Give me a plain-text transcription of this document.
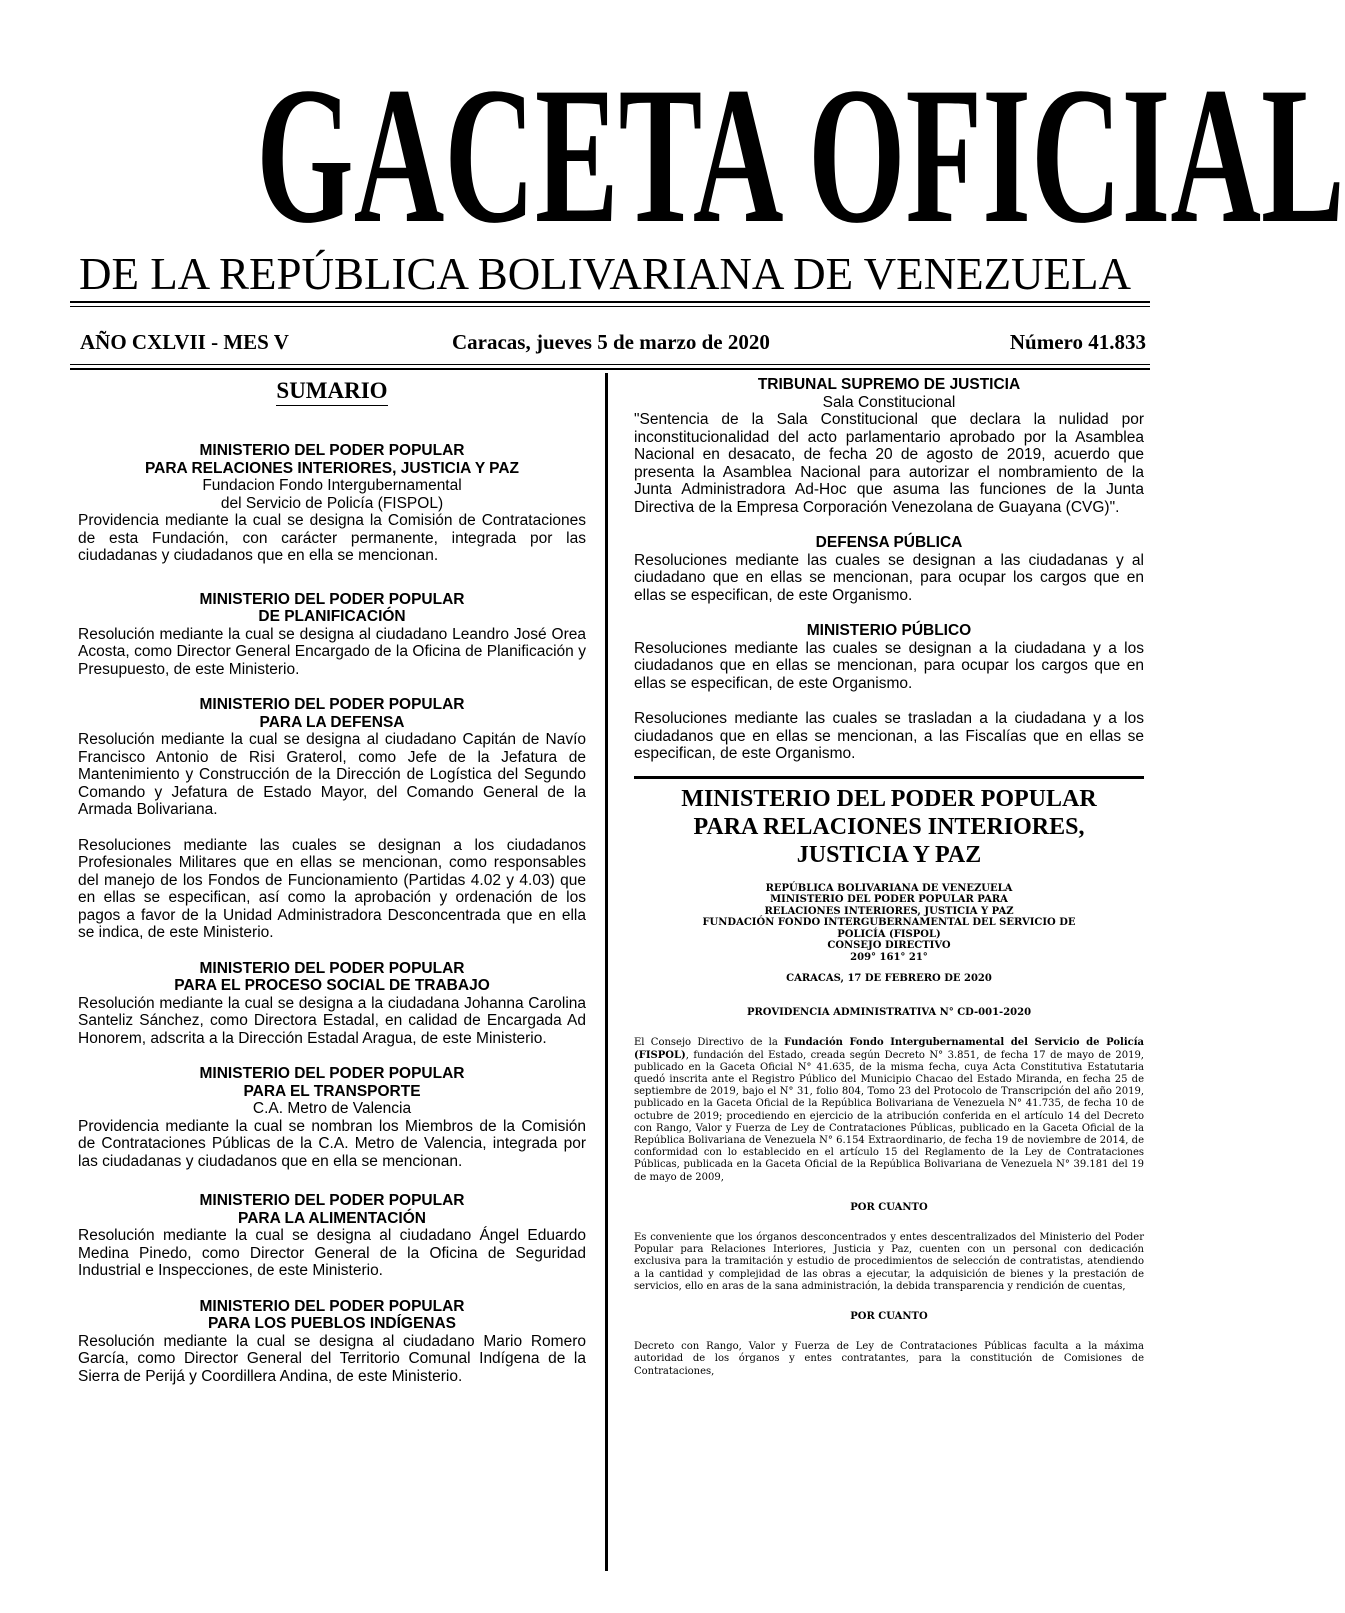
GACETA OFICIAL
DE LA REPÚBLICA BOLIVARIANA DE VENEZUELA
AÑO CXLVII - MES V	Caracas, jueves 5 de marzo de 2020	Número 41.833
SUMARIO
MINISTERIO DEL PODER POPULAR
PARA RELACIONES INTERIORES, JUSTICIA Y PAZ
Fundacion Fondo Intergubernamental
del Servicio de Policía (FISPOL)
Providencia mediante la cual se designa la Comisión de Contrataciones de esta Fundación, con carácter permanente, integrada por las ciudadanas y ciudadanos que en ella se mencionan.
MINISTERIO DEL PODER POPULAR
DE PLANIFICACIÓN
Resolución mediante la cual se designa al ciudadano Leandro José Orea Acosta, como Director General Encargado de la Oficina de Planificación y Presupuesto, de este Ministerio.
MINISTERIO DEL PODER POPULAR
PARA LA DEFENSA
Resolución mediante la cual se designa al ciudadano Capitán de Navío Francisco Antonio de Risi Graterol, como Jefe de la Jefatura de Mantenimiento y Construcción de la Dirección de Logística del Segundo Comando y Jefatura de Estado Mayor, del Comando General de la Armada Bolivariana.
Resoluciones mediante las cuales se designan a los ciudadanos Profesionales Militares que en ellas se mencionan, como responsables del manejo de los Fondos de Funcionamiento (Partidas 4.02 y 4.03) que en ellas se especifican, así como la aprobación y ordenación de los pagos a favor de la Unidad Administradora Desconcentrada que en ella se indica, de este Ministerio.
MINISTERIO DEL PODER POPULAR
PARA EL PROCESO SOCIAL DE TRABAJO
Resolución mediante la cual se designa a la ciudadana Johanna Carolina Santeliz Sánchez, como Directora Estadal, en calidad de Encargada Ad Honorem, adscrita a la Dirección Estadal Aragua, de este Ministerio.
MINISTERIO DEL PODER POPULAR
PARA EL TRANSPORTE
C.A. Metro de Valencia
Providencia mediante la cual se nombran los Miembros de la Comisión de Contrataciones Públicas de la C.A. Metro de Valencia, integrada por las ciudadanas y ciudadanos que en ella se mencionan.
MINISTERIO DEL PODER POPULAR
PARA LA ALIMENTACIÓN
Resolución mediante la cual se designa al ciudadano Ángel Eduardo Medina Pinedo, como Director General de la Oficina de Seguridad Industrial e Inspecciones, de este Ministerio.
MINISTERIO DEL PODER POPULAR
PARA LOS PUEBLOS INDÍGENAS
Resolución mediante la cual se designa al ciudadano Mario Romero García, como Director General del Territorio Comunal Indígena de la Sierra de Perijá y Coordillera Andina, de este Ministerio.
TRIBUNAL SUPREMO DE JUSTICIA
Sala Constitucional
"Sentencia de la Sala Constitucional que declara la nulidad por inconstitucionalidad del acto parlamentario aprobado por la Asamblea Nacional en desacato, de fecha 20 de agosto de 2019, acuerdo que presenta la Asamblea Nacional para autorizar el nombramiento de la Junta Administradora Ad-Hoc que asuma las funciones de la Junta Directiva de la Empresa Corporación Venezolana de Guayana (CVG)".
DEFENSA PÚBLICA
Resoluciones mediante las cuales se designan a las ciudadanas y al ciudadano que en ellas se mencionan, para ocupar los cargos que en ellas se especifican, de este Organismo.
MINISTERIO PÚBLICO
Resoluciones mediante las cuales se designan a la ciudadana y a los ciudadanos que en ellas se mencionan, para ocupar los cargos que en ellas se especifican, de este Organismo.
Resoluciones mediante las cuales se trasladan a la ciudadana y a los ciudadanos que en ellas se mencionan, a las Fiscalías que en ellas se especifican, de este Organismo.
MINISTERIO DEL PODER POPULAR
PARA RELACIONES INTERIORES,
JUSTICIA Y PAZ
REPÚBLICA BOLIVARIANA DE VENEZUELA
MINISTERIO DEL PODER POPULAR PARA
RELACIONES INTERIORES, JUSTICIA Y PAZ
FUNDACIÓN FONDO INTERGUBERNAMENTAL DEL SERVICIO DE
POLICÍA (FISPOL)
CONSEJO DIRECTIVO
209° 161° 21°
CARACAS, 17 DE FEBRERO DE 2020
PROVIDENCIA ADMINISTRATIVA N° CD-001-2020
El Consejo Directivo de la Fundación Fondo Intergubernamental del Servicio de Policía (FISPOL), fundación del Estado, creada según Decreto N° 3.851, de fecha 17 de mayo de 2019, publicado en la Gaceta Oficial N° 41.635, de la misma fecha, cuya Acta Constitutiva Estatutaria quedó inscrita ante el Registro Público del Municipio Chacao del Estado Miranda, en fecha 25 de septiembre de 2019, bajo el N° 31, folio 804, Tomo 23 del Protocolo de Transcripción del año 2019, publicado en la Gaceta Oficial de la República Bolivariana de Venezuela N° 41.735, de fecha 10 de octubre de 2019; procediendo en ejercicio de la atribución conferida en el artículo 14 del Decreto con Rango, Valor y Fuerza de Ley de Contrataciones Públicas, publicado en la Gaceta Oficial de la República Bolivariana de Venezuela N° 6.154 Extraordinario, de fecha 19 de noviembre de 2014, de conformidad con lo establecido en el artículo 15 del Reglamento de la Ley de Contrataciones Públicas, publicada en la Gaceta Oficial de la República Bolivariana de Venezuela N° 39.181 del 19 de mayo de 2009,
POR CUANTO
Es conveniente que los órganos desconcentrados y entes descentralizados del Ministerio del Poder Popular para Relaciones Interiores, Justicia y Paz, cuenten con un personal con dedicación exclusiva para la tramitación y estudio de procedimientos de selección de contratistas, atendiendo a la cantidad y complejidad de las obras a ejecutar, la adquisición de bienes y la prestación de servicios, ello en aras de la sana administración, la debida transparencia y rendición de cuentas,
POR CUANTO
Decreto con Rango, Valor y Fuerza de Ley de Contrataciones Públicas faculta a la máxima autoridad de los órganos y entes contratantes, para la constitución de Comisiones de Contrataciones,
